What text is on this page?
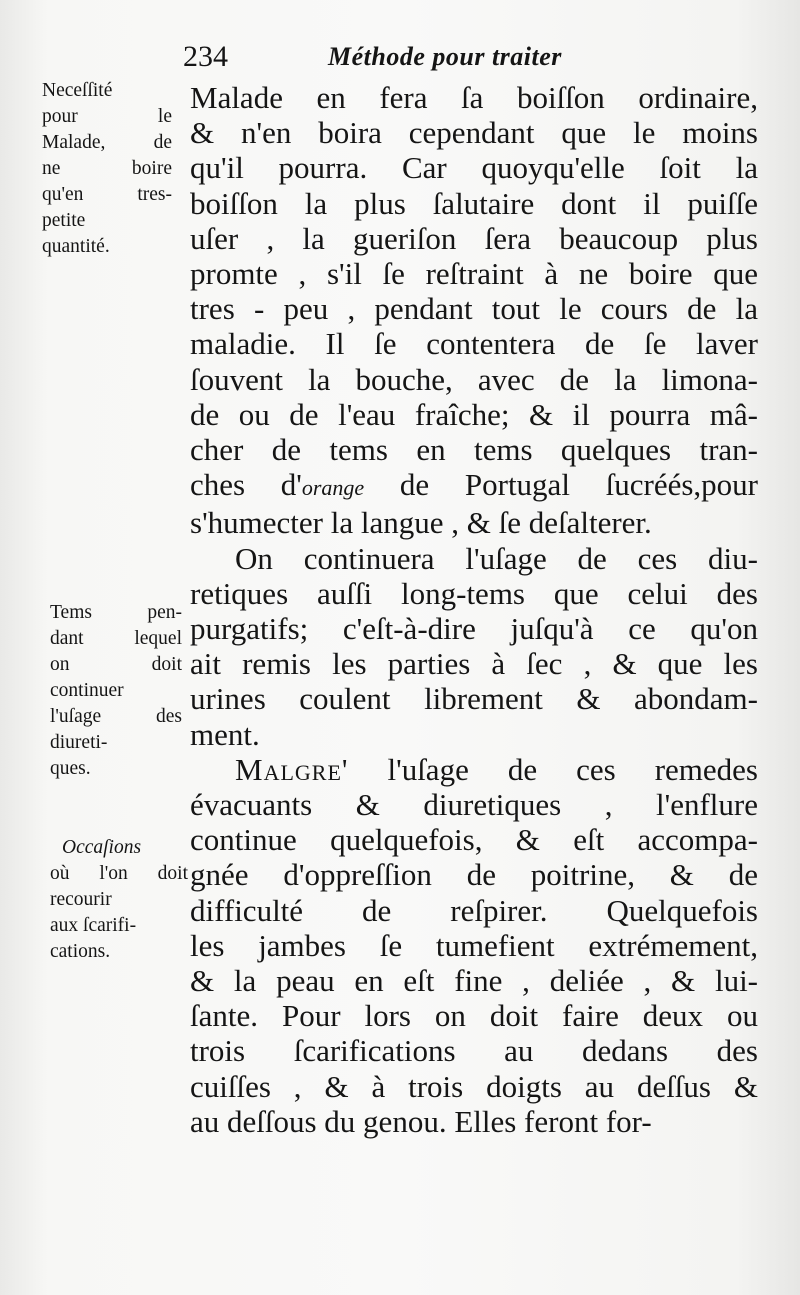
234	Méthode pour traiter
Neceſſité
pour le
Malade, de
ne boire
qu'en tres-
petite
quantité.
Tems pen-
dant lequel
on doit
continuer
l'uſage des
diureti-
ques.
Occaſions
où l'on doit
recourir
aux ſcarifi-
cations.
Malade en fera ſa boiſſon ordinaire,
& n'en boira cependant que le moins
qu'il pourra. Car quoyqu'elle ſoit la
boiſſon la plus ſalutaire dont il puiſſe
uſer , la gueriſon ſera beaucoup plus
promte , s'il ſe reſtraint à ne boire que
tres - peu , pendant tout le cours de la
maladie. Il ſe contentera de ſe laver
ſouvent la bouche, avec de la limona-
de ou de l'eau fraîche; & il pourra mâ-
cher de tems en tems quelques tran-
ches d'orange de Portugal ſucréés,pour
s'humecter la langue , & ſe deſalterer.
On continuera l'uſage de ces diu-
retiques auſſi long-tems que celui des
purgatifs; c'eſt-à-dire juſqu'à ce qu'on
ait remis les parties à ſec , & que les
urines coulent librement & abondam-
ment.
Malgre' l'uſage de ces remedes
évacuants & diuretiques , l'enflure
continue quelquefois, & eſt accompa-
gnée d'oppreſſion de poitrine, & de
difficulté de reſpirer. Quelquefois
les jambes ſe tumefient extrémement,
& la peau en eſt fine , deliée , & lui-
ſante. Pour lors on doit faire deux ou
trois ſcarifications au dedans des
cuiſſes , & à trois doigts au deſſus &
au deſſous du genou. Elles feront for-
